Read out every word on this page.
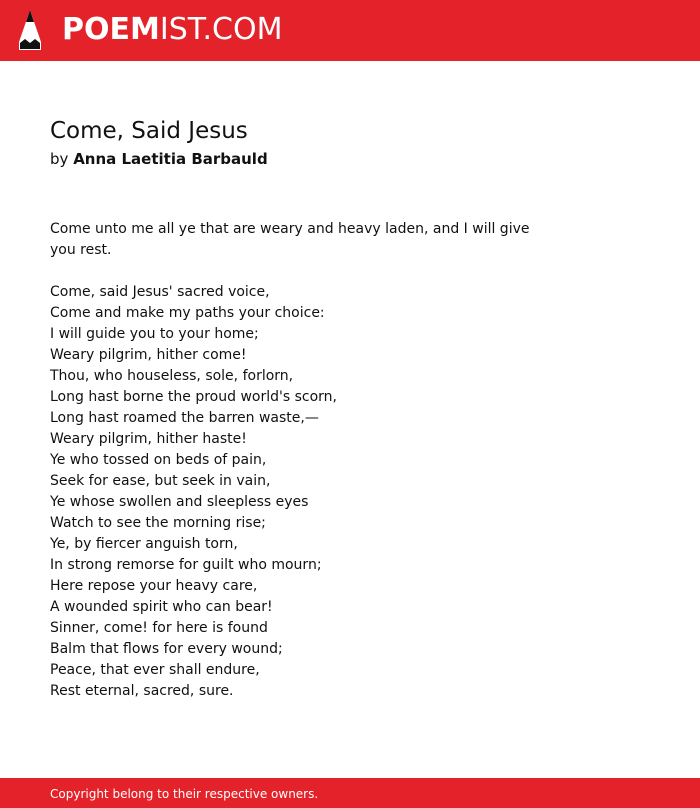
POEMIST.COM
Come, Said Jesus
by Anna Laetitia Barbauld

Come unto me all ye that are weary and heavy laden, and I will give you rest.

Come, said Jesus' sacred voice,
Come and make my paths your choice:
I will guide you to your home;
Weary pilgrim, hither come!
Thou, who houseless, sole, forlorn,
Long hast borne the proud world's scorn,
Long hast roamed the barren waste,—
Weary pilgrim, hither haste!
Ye who tossed on beds of pain,
Seek for ease, but seek in vain,
Ye whose swollen and sleepless eyes
Watch to see the morning rise;
Ye, by fiercer anguish torn,
In strong remorse for guilt who mourn;
Here repose your heavy care,
A wounded spirit who can bear!
Sinner, come! for here is found
Balm that flows for every wound;
Peace, that ever shall endure,
Rest eternal, sacred, sure.
Copyright belong to their respective owners.
